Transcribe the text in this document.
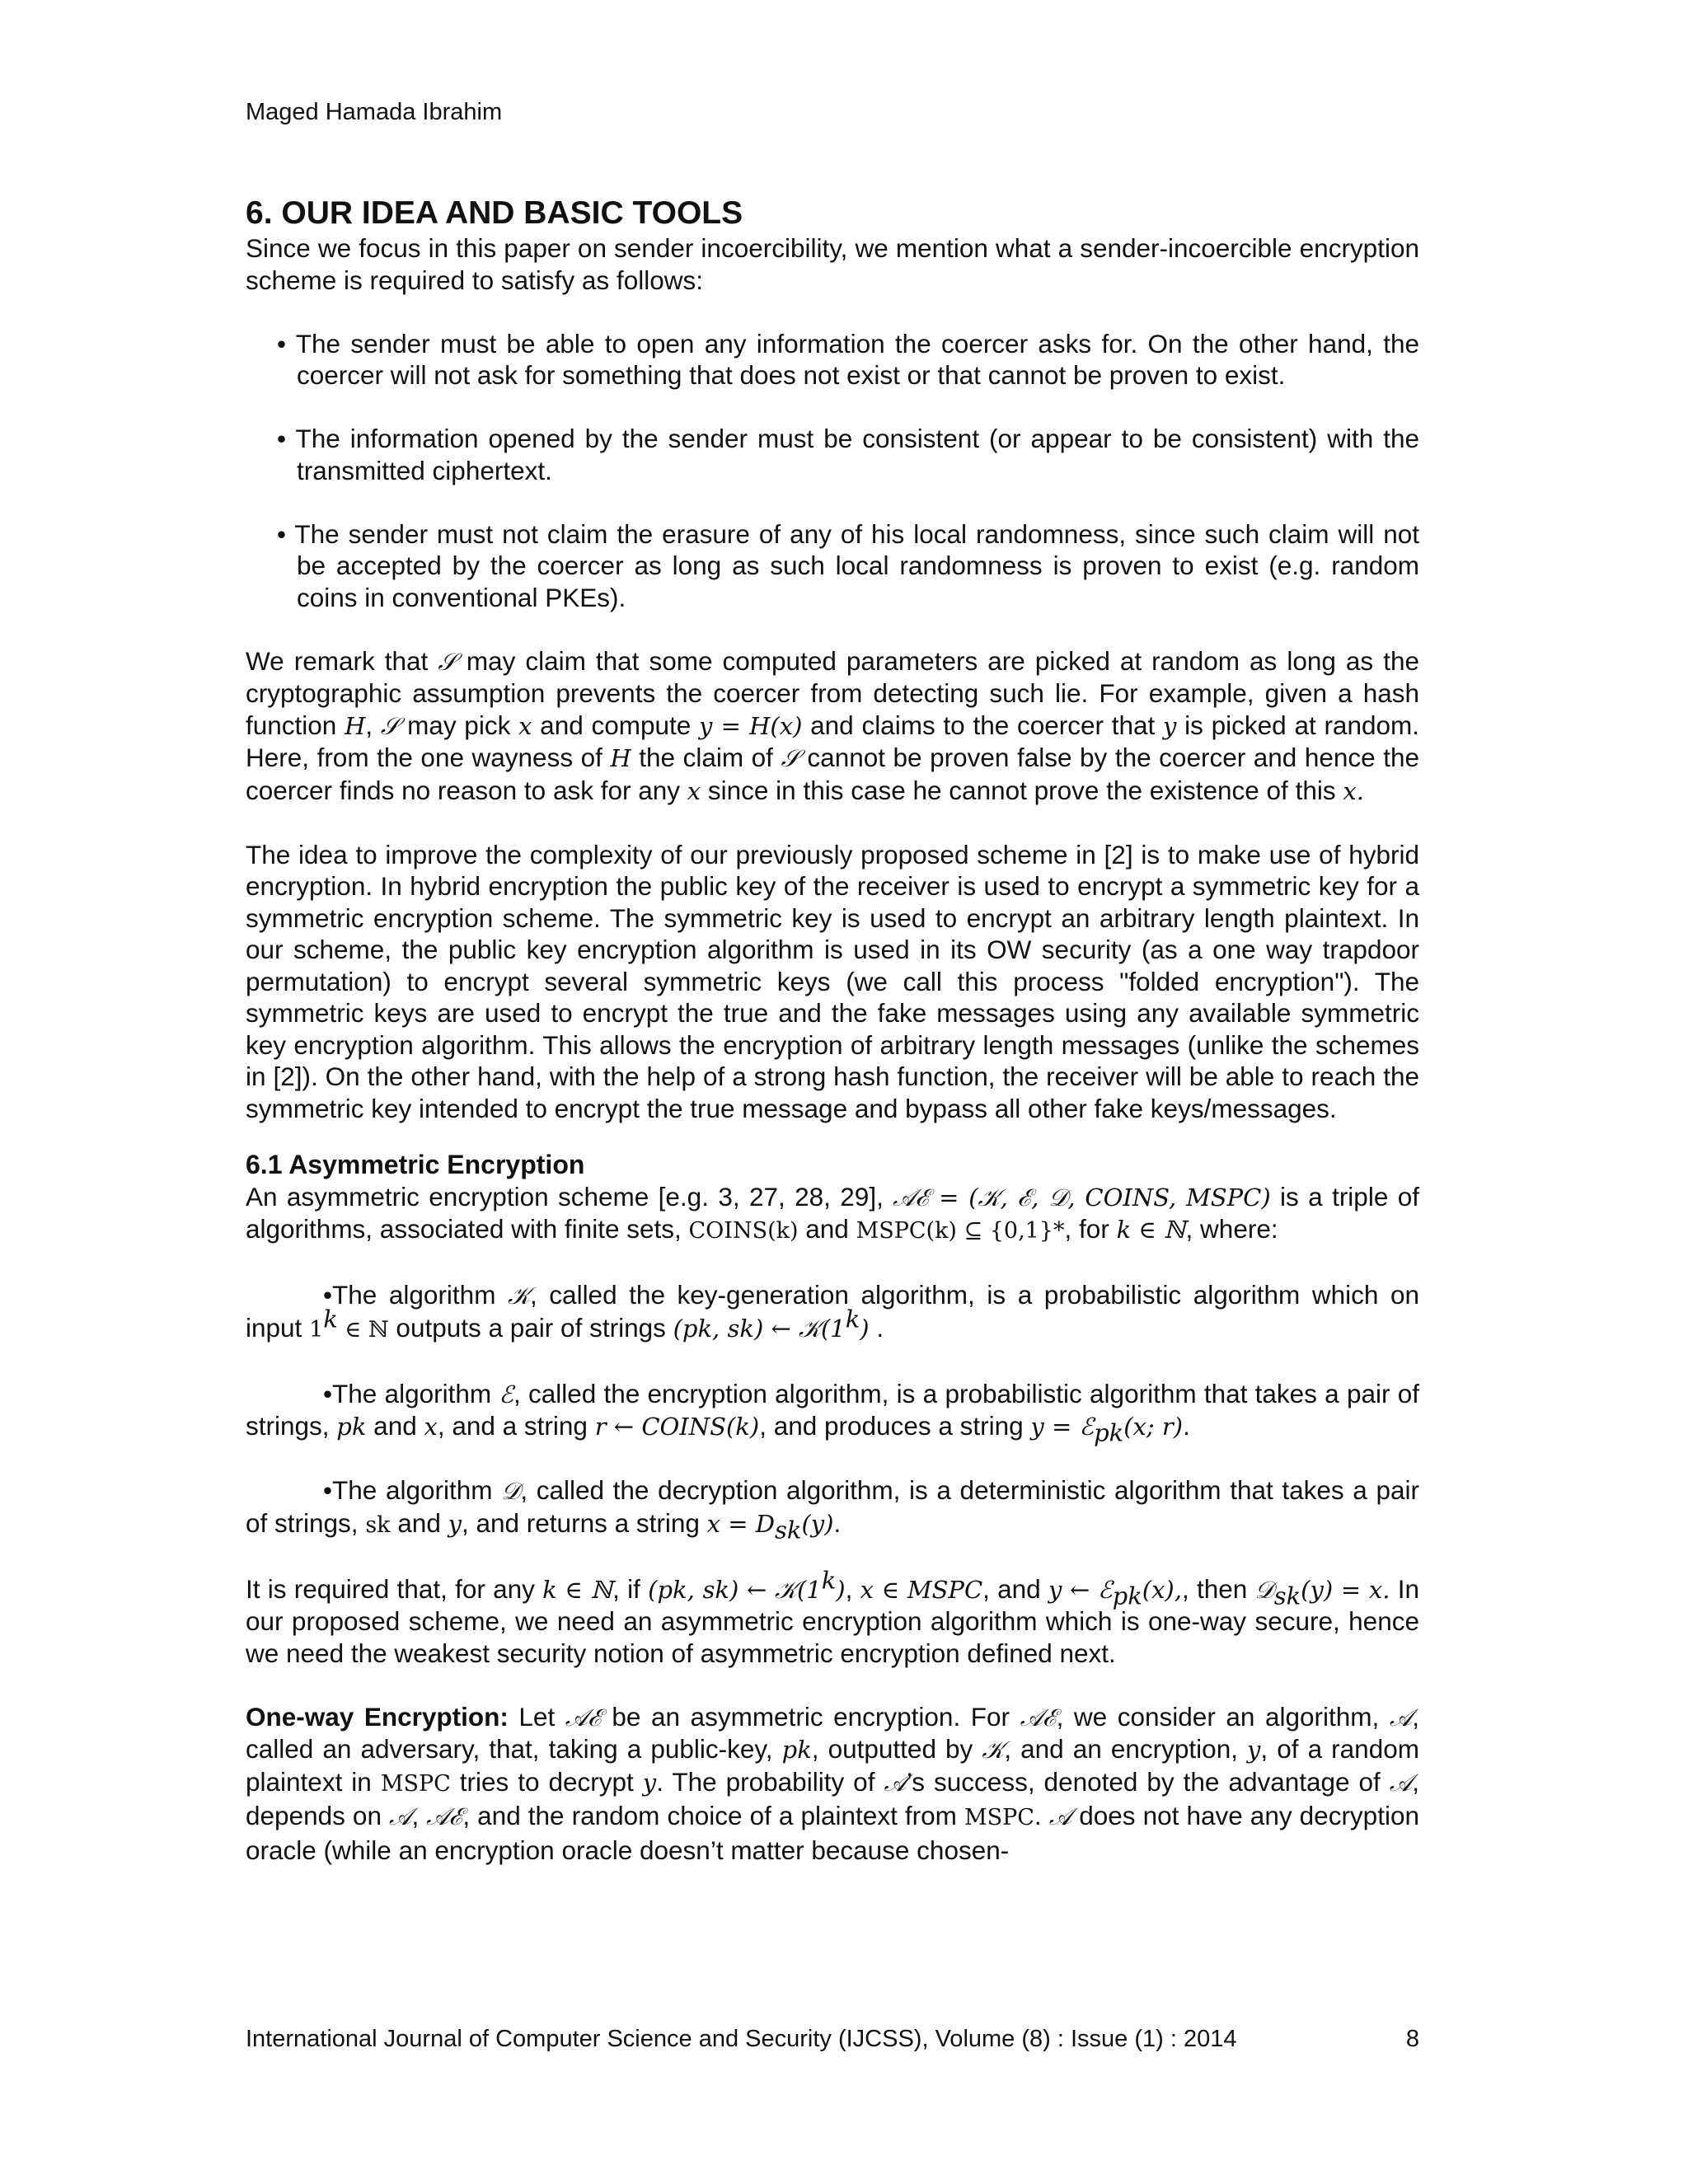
Maged Hamada Ibrahim
6. OUR IDEA AND BASIC TOOLS

Since we focus in this paper on sender incoercibility, we mention what a sender-incoercible encryption scheme is required to satisfy as follows:

• The sender must be able to open any information the coercer asks for. On the other hand, the coercer will not ask for something that does not exist or that cannot be proven to exist.
• The information opened by the sender must be consistent (or appear to be consistent) with the transmitted ciphertext.
• The sender must not claim the erasure of any of his local randomness, since such claim will not be accepted by the coercer as long as such local randomness is proven to exist (e.g. random coins in conventional PKEs).

We remark that 𝒮 may claim that some computed parameters are picked at random as long as the cryptographic assumption prevents the coercer from detecting such lie. For example, given a hash function H, 𝒮 may pick x and compute y = H(x) and claims to the coercer that y is picked at random. Here, from the one wayness of H the claim of 𝒮 cannot be proven false by the coercer and hence the coercer finds no reason to ask for any x since in this case he cannot prove the existence of this x.

The idea to improve the complexity of our previously proposed scheme in [2] is to make use of hybrid encryption. In hybrid encryption the public key of the receiver is used to encrypt a symmetric key for a symmetric encryption scheme. The symmetric key is used to encrypt an arbitrary length plaintext. In our scheme, the public key encryption algorithm is used in its OW security (as a one way trapdoor permutation) to encrypt several symmetric keys (we call this process "folded encryption"). The symmetric keys are used to encrypt the true and the fake messages using any available symmetric key encryption algorithm. This allows the encryption of arbitrary length messages (unlike the schemes in [2]). On the other hand, with the help of a strong hash function, the receiver will be able to reach the symmetric key intended to encrypt the true message and bypass all other fake keys/messages.

6.1 Asymmetric Encryption

An asymmetric encryption scheme [e.g. 3, 27, 28, 29], 𝒜ℰ = (𝒦, ℰ, 𝒟, COINS, MSPC) is a triple of algorithms, associated with finite sets, COINS(k) and MSPC(k) ⊆ {0,1}*, for k ∈ ℕ, where:

•The algorithm 𝒦, called the key-generation algorithm, is a probabilistic algorithm which on input 1$^k$ ∈ ℕ outputs a pair of strings (pk, sk) ← 𝒦(1$^k$) .

•The algorithm ℰ, called the encryption algorithm, is a probabilistic algorithm that takes a pair of strings, pk and x, and a string r ← COINS(k), and produces a string y = ℰ$_{pk}$(x; r).

•The algorithm 𝒟, called the decryption algorithm, is a deterministic algorithm that takes a pair of strings, sk and y, and returns a string $x = D_{sk}(y)$.

It is required that, for any k ∈ ℕ, if (pk, sk) ← 𝒦(1$^k$), x ∈ MSPC, and y ← ℰ$_{pk}$(x),, then 𝒟$_{sk}$(y) = x. In our proposed scheme, we need an asymmetric encryption algorithm which is one-way secure, hence we need the weakest security notion of asymmetric encryption defined next.

One-way Encryption: Let 𝒜ℰ be an asymmetric encryption. For 𝒜ℰ, we consider an algorithm, 𝒜, called an adversary, that, taking a public-key, pk, outputted by 𝒦, and an encryption, y, of a random plaintext in MSPC tries to decrypt y. The probability of 𝒜’s success, denoted by the advantage of 𝒜, depends on 𝒜, 𝒜ℰ, and the random choice of a plaintext from MSPC. 𝒜 does not have any decryption oracle (while an encryption oracle doesn’t matter because chosen-

International Journal of Computer Science and Security (IJCSS), Volume (8) : Issue (1) : 2014	8
